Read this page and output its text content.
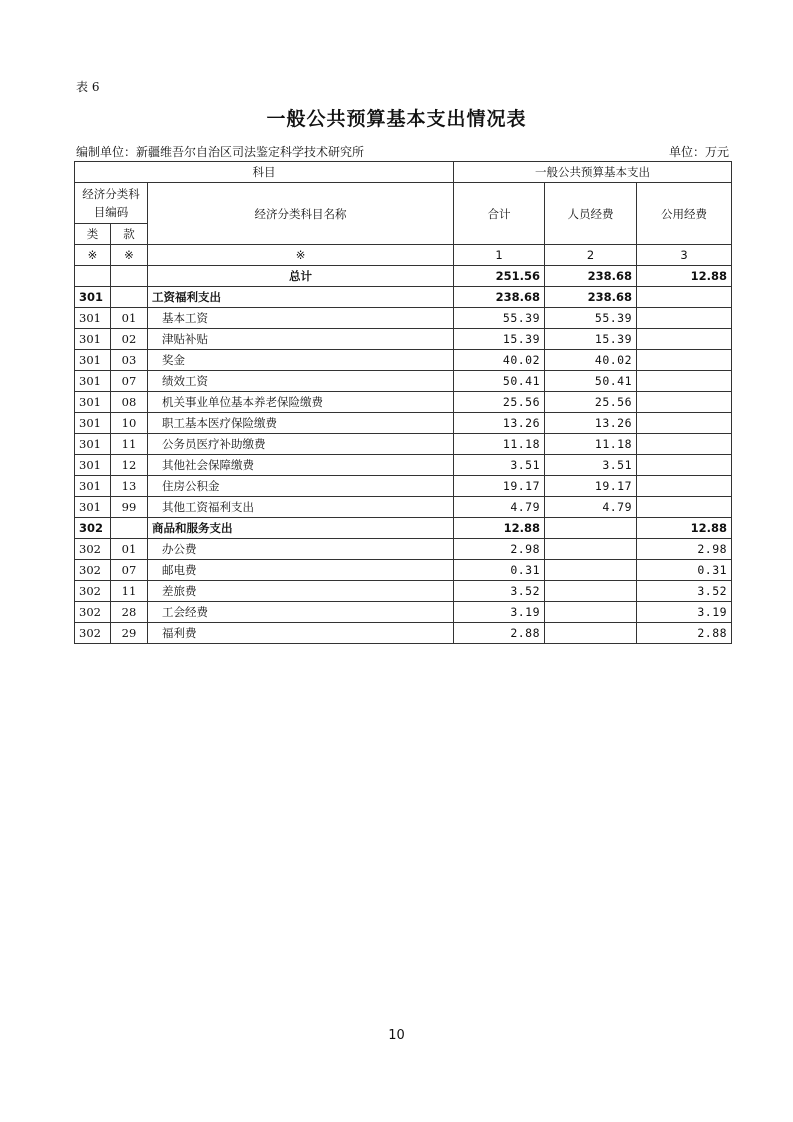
表 6
一般公共预算基本支出情况表
编制单位：新疆维吾尔自治区司法鉴定科学技术研究所	单位：万元
科目			一般公共预算基本支出		
经济分类科目编码		经济分类科目名称	合计	人员经费	公用经费
类	款				
※	※	※	1	2	3
		总计	251.56	238.68	12.88
301		工资福利支出	238.68	238.68	
301	01	基本工资	55.39	55.39	
301	02	津贴补贴	15.39	15.39	
301	03	奖金	40.02	40.02	
301	07	绩效工资	50.41	50.41	
301	08	机关事业单位基本养老保险缴费	25.56	25.56	
301	10	职工基本医疗保险缴费	13.26	13.26	
301	11	公务员医疗补助缴费	11.18	11.18	
301	12	其他社会保障缴费	3.51	3.51	
301	13	住房公积金	19.17	19.17	
301	99	其他工资福利支出	4.79	4.79	
302		商品和服务支出	12.88		12.88
302	01	办公费	2.98		2.98
302	07	邮电费	0.31		0.31
302	11	差旅费	3.52		3.52
302	28	工会经费	3.19		3.19
302	29	福利费	2.88		2.88
10
